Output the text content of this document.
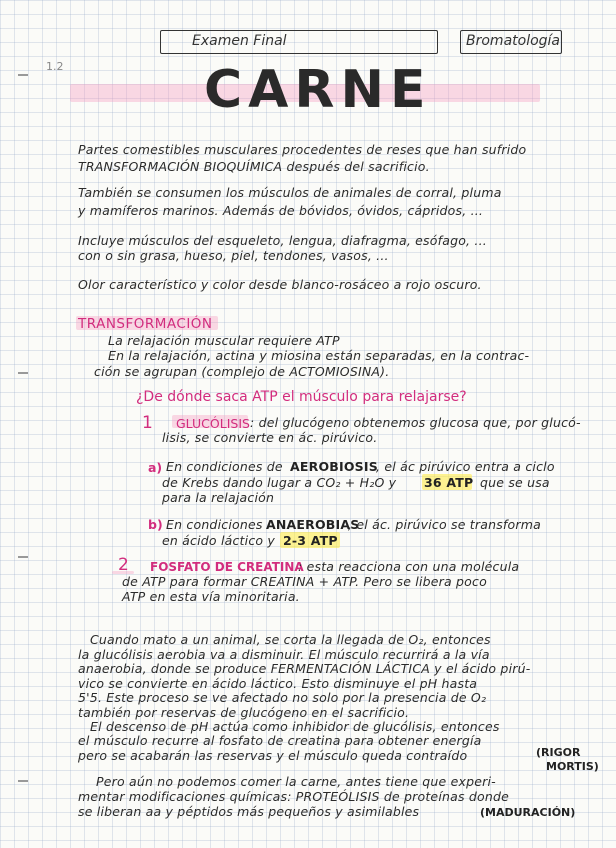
Examen Final	Bromatología
1.2	CARNE
Partes comestibles musculares procedentes de reses que han sufrido
TRANSFORMACIÓN BIOQUÍMICA después del sacrificio.
También se consumen los músculos de animales de corral, pluma
y mamíferos marinos. Además de bóvidos, óvidos, cápridos, ...
Incluye músculos del esqueleto, lengua, diafragma, esófago, ...
con o sin grasa, hueso, piel, tendones, vasos, ...
Olor característico y color desde blanco-rosáceo a rojo oscuro.
TRANSFORMACIÓN
La relajación muscular requiere ATP
En la relajación, actina y miosina están separadas, en la contrac-
ción se agrupan (complejo de ACTOMIOSINA).
¿De dónde saca ATP el músculo para relajarse?
1 GLUCÓLISIS : del glucógeno obtenemos glucosa que, por glucó-
lisis, se convierte en ác. pirúvico.
a) En condiciones de AEROBIOSIS
, el ác pirúvico entra a ciclo
de Krebs dando lugar a CO₂ + H₂O y 36 ATP que se usa
para la relajación
b) En condiciones ANAEROBIAS
, el ác. pirúvico se transforma
en ácido láctico y 2-3 ATP
2 FOSFATO DE CREATINA
: esta reacciona con una molécula
de ATP para formar CREATINA + ATP. Pero se libera poco
ATP en esta vía minoritaria.
Cuando mato a un animal, se corta la llegada de O₂, entonces
la glucólisis aerobia va a disminuir. El músculo recurrirá a la vía
anaerobia, donde se produce FERMENTACIÓN LÁCTICA y el ácido pirú-
vico se convierte en ácido láctico. Esto disminuye el pH hasta
5'5. Este proceso se ve afectado no solo por la presencia de O₂
también por reservas de glucógeno en el sacrificio.
El descenso de pH actúa como inhibidor de glucólisis, entonces
el músculo recurre al fosfato de creatina para obtener energía
pero se acabarán las reservas y el músculo queda contraído	(RIGOR
MORTIS)
Pero aún no podemos comer la carne, antes tiene que experi-
mentar modificaciones químicas: PROTEÓLISIS de proteínas donde
se liberan aa y péptidos más pequeños y asimilables	(MADURACIÓN)
